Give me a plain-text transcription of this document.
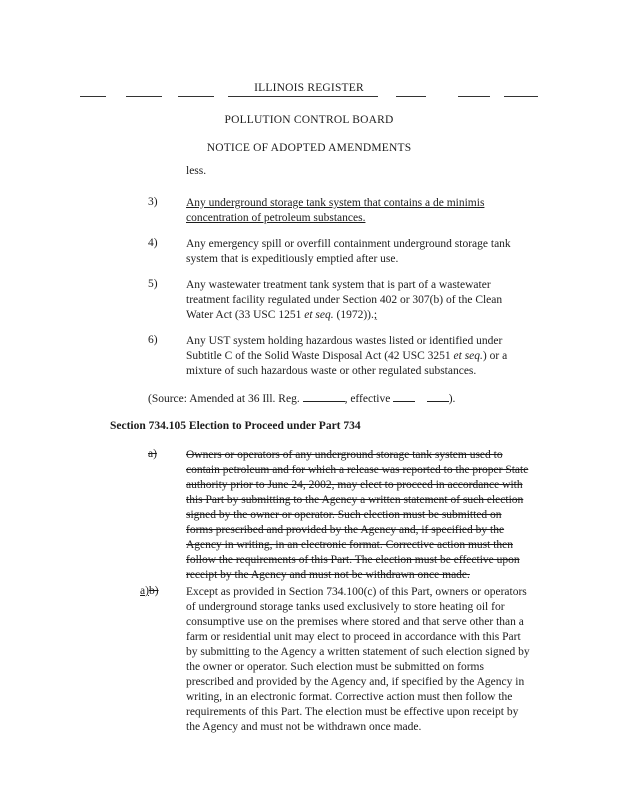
ILLINOIS REGISTER
POLLUTION CONTROL BOARD
NOTICE OF ADOPTED AMENDMENTS
less.
3) Any underground storage tank system that contains a de minimis
concentration of petroleum substances.
4) Any emergency spill or overfill containment underground storage tank
system that is expeditiously emptied after use.
5) Any wastewater treatment tank system that is part of a wastewater
treatment facility regulated under Section 402 or 307(b) of the Clean
Water Act (33 USC 1251 et seq. (1972)).;
6) Any UST system holding hazardous wastes listed or identified under
Subtitle C of the Solid Waste Disposal Act (42 USC 3251 et seq.) or a
mixture of such hazardous waste or other regulated substances.
(Source: Amended at 36 Ill. Reg.	, effective	).
Section 734.105 Election to Proceed under Part 734
a)	Owners or operators of any underground storage tank system used to
contain petroleum and for which a release was reported to the proper State
authority prior to June 24, 2002, may elect to proceed in accordance with
this Part by submitting to the Agency a written statement of such election
signed by the owner or operator. Such election must be submitted on
forms prescribed and provided by the Agency and, if specified by the
Agency in writing, in an electronic format. Corrective action must then
follow the requirements of this Part. The election must be effective upon
receipt by the Agency and must not be withdrawn once made.
a)b) Except as provided in Section 734.100(c) of this Part, owners or operators
of underground storage tanks used exclusively to store heating oil for
consumptive use on the premises where stored and that serve other than a
farm or residential unit may elect to proceed in accordance with this Part
by submitting to the Agency a written statement of such election signed by
the owner or operator. Such election must be submitted on forms
prescribed and provided by the Agency and, if specified by the Agency in
writing, in an electronic format. Corrective action must then follow the
requirements of this Part. The election must be effective upon receipt by
the Agency and must not be withdrawn once made.
